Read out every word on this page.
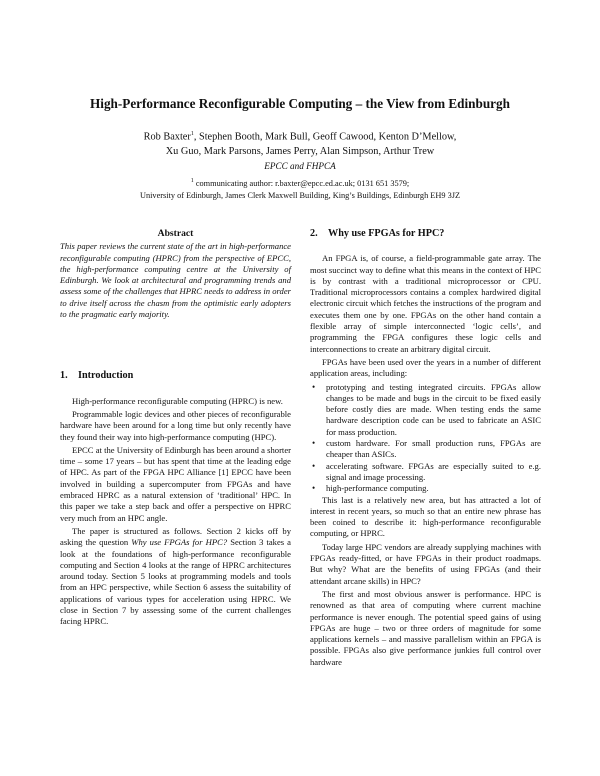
High-Performance Reconfigurable Computing – the View from Edinburgh
Rob Baxter$^1$, Stephen Booth, Mark Bull, Geoff Cawood, Kenton D’Mellow,
Xu Guo, Mark Parsons, James Perry, Alan Simpson, Arthur Trew
EPCC and FHPCA
$^1$ communicating author: r.baxter@epcc.ed.ac.uk; 0131 651 3579;
University of Edinburgh, James Clerk Maxwell Building, King’s Buildings, Edinburgh EH9 3JZ
Abstract

This paper reviews the current state of the art in high-performance reconfigurable computing (HPRC) from the perspective of EPCC, the high-performance computing centre at the University of Edinburgh. We look at architectural and programming trends and assess some of the challenges that HPRC needs to address in order to drive itself across the chasm from the optimistic early adopters to the pragmatic early majority.

1. Introduction

High-performance reconfigurable computing (HPRC) is new.

Programmable logic devices and other pieces of reconfigurable hardware have been around for a long time but only recently have they found their way into high-performance computing (HPC).

EPCC at the University of Edinburgh has been around a shorter time – some 17 years – but has spent that time at the leading edge of HPC. As part of the FPGA HPC Alliance [1] EPCC have been involved in building a supercomputer from FPGAs and have embraced HPRC as a natural extension of ‘traditional’ HPC. In this paper we take a step back and offer a perspective on HPRC very much from an HPC angle.

The paper is structured as follows. Section 2 kicks off by asking the question Why use FPGAs for HPC? Section 3 takes a look at the foundations of high-performance reconfigurable computing and Section 4 looks at the range of HPRC architectures around today. Section 5 looks at programming models and tools from an HPC perspective, while Section 6 assess the suitability of applications of various types for acceleration using HPRC. We close in Section 7 by assessing some of the current challenges facing HPRC.

2. Why use FPGAs for HPC?

An FPGA is, of course, a field-programmable gate array. The most succinct way to define what this means in the context of HPC is by contrast with a traditional microprocessor or CPU. Traditional microprocessors contains a complex hardwired digital electronic circuit which fetches the instructions of the program and executes them one by one. FPGAs on the other hand contain a flexible array of simple interconnected ‘logic cells’, and programming the FPGA configures these logic cells and interconnections to create an arbitrary digital circuit.

FPGAs have been used over the years in a number of different application areas, including:

• prototyping and testing integrated circuits. FPGAs allow changes to be made and bugs in the circuit to be fixed easily before costly dies are made. When testing ends the same hardware description code can be used to fabricate an ASIC for mass production.
• custom hardware. For small production runs, FPGAs are cheaper than ASICs.
• accelerating software. FPGAs are especially suited to e.g. signal and image processing.
• high-performance computing.

This last is a relatively new area, but has attracted a lot of interest in recent years, so much so that an entire new phrase has been coined to describe it: high-performance reconfigurable computing, or HPRC.

Today large HPC vendors are already supplying machines with FPGAs ready-fitted, or have FPGAs in their product roadmaps. But why? What are the benefits of using FPGAs (and their attendant arcane skills) in HPC?

The first and most obvious answer is performance. HPC is renowned as that area of computing where current machine performance is never enough. The potential speed gains of using FPGAs are huge – two or three orders of magnitude for some applications kernels – and massive parallelism within an FPGA is possible. FPGAs also give performance junkies full control over hardware
